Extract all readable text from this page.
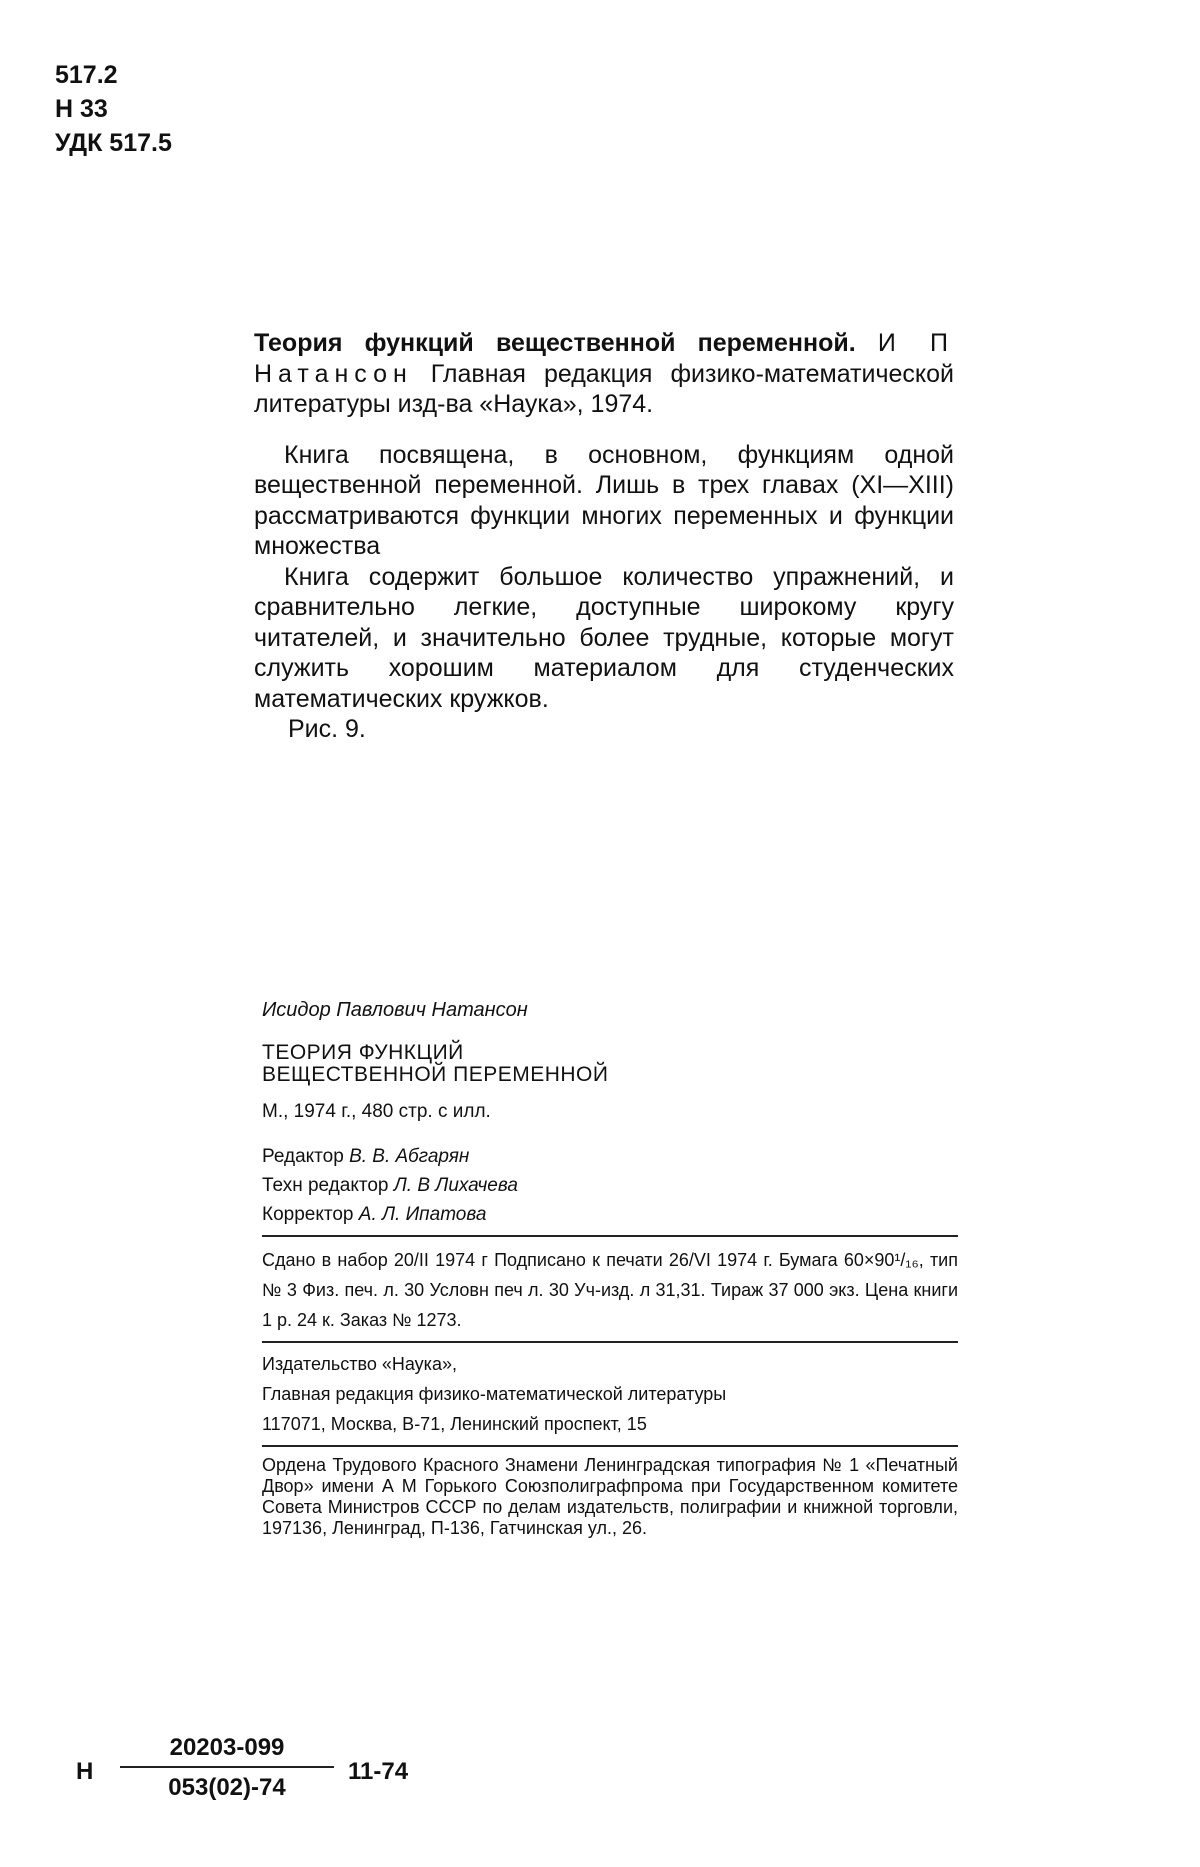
517.2
Н 33
УДК 517.5

Теория функций вещественной переменной. И П Натансон Главная редакция физико-математической литературы изд-ва «Наука», 1974.

Книга посвящена, в основном, функциям одной вещественной переменной. Лишь в трех главах (XI—XIII) рассматриваются функции многих переменных и функции множества

Книга содержит большое количество упражнений, и сравнительно легкие, доступные широкому кругу читателей, и значительно более трудные, которые могут служить хорошим материалом для студенческих математических кружков.

Рис. 9.

Исидор Павлович Натансон
ТЕОРИЯ ФУНКЦИЙ
ВЕЩЕСТВЕННОЙ ПЕРЕМЕННОЙ
М., 1974 г., 480 стр. с илл.
Редактор В. В. Абгарян
Техн редактор Л. В Лихачева
Корректор А. Л. Ипатова
Сдано в набор 20/II 1974 г Подписано к печати 26/VI 1974 г. Бумага 60×90¹/₁₆, тип № 3 Физ. печ. л. 30 Условн печ л. 30 Уч-изд. л 31,31. Тираж 37 000 экз. Цена книги 1 р. 24 к. Заказ № 1273.
Издательство «Наука»,
Главная редакция физико-математической литературы
117071, Москва, В-71, Ленинский проспект, 15
Ордена Трудового Красного Знамени Ленинградская типография № 1 «Печатный Двор» имени А М Горького Союзполиграфпрома при Государственном комитете Совета Министров СССР по делам издательств, полиграфии и книжной торговли, 197136, Ленинград, П-136, Гатчинская ул., 26.
Н $\frac{20203-099}{053(02)-74} 11-74$
